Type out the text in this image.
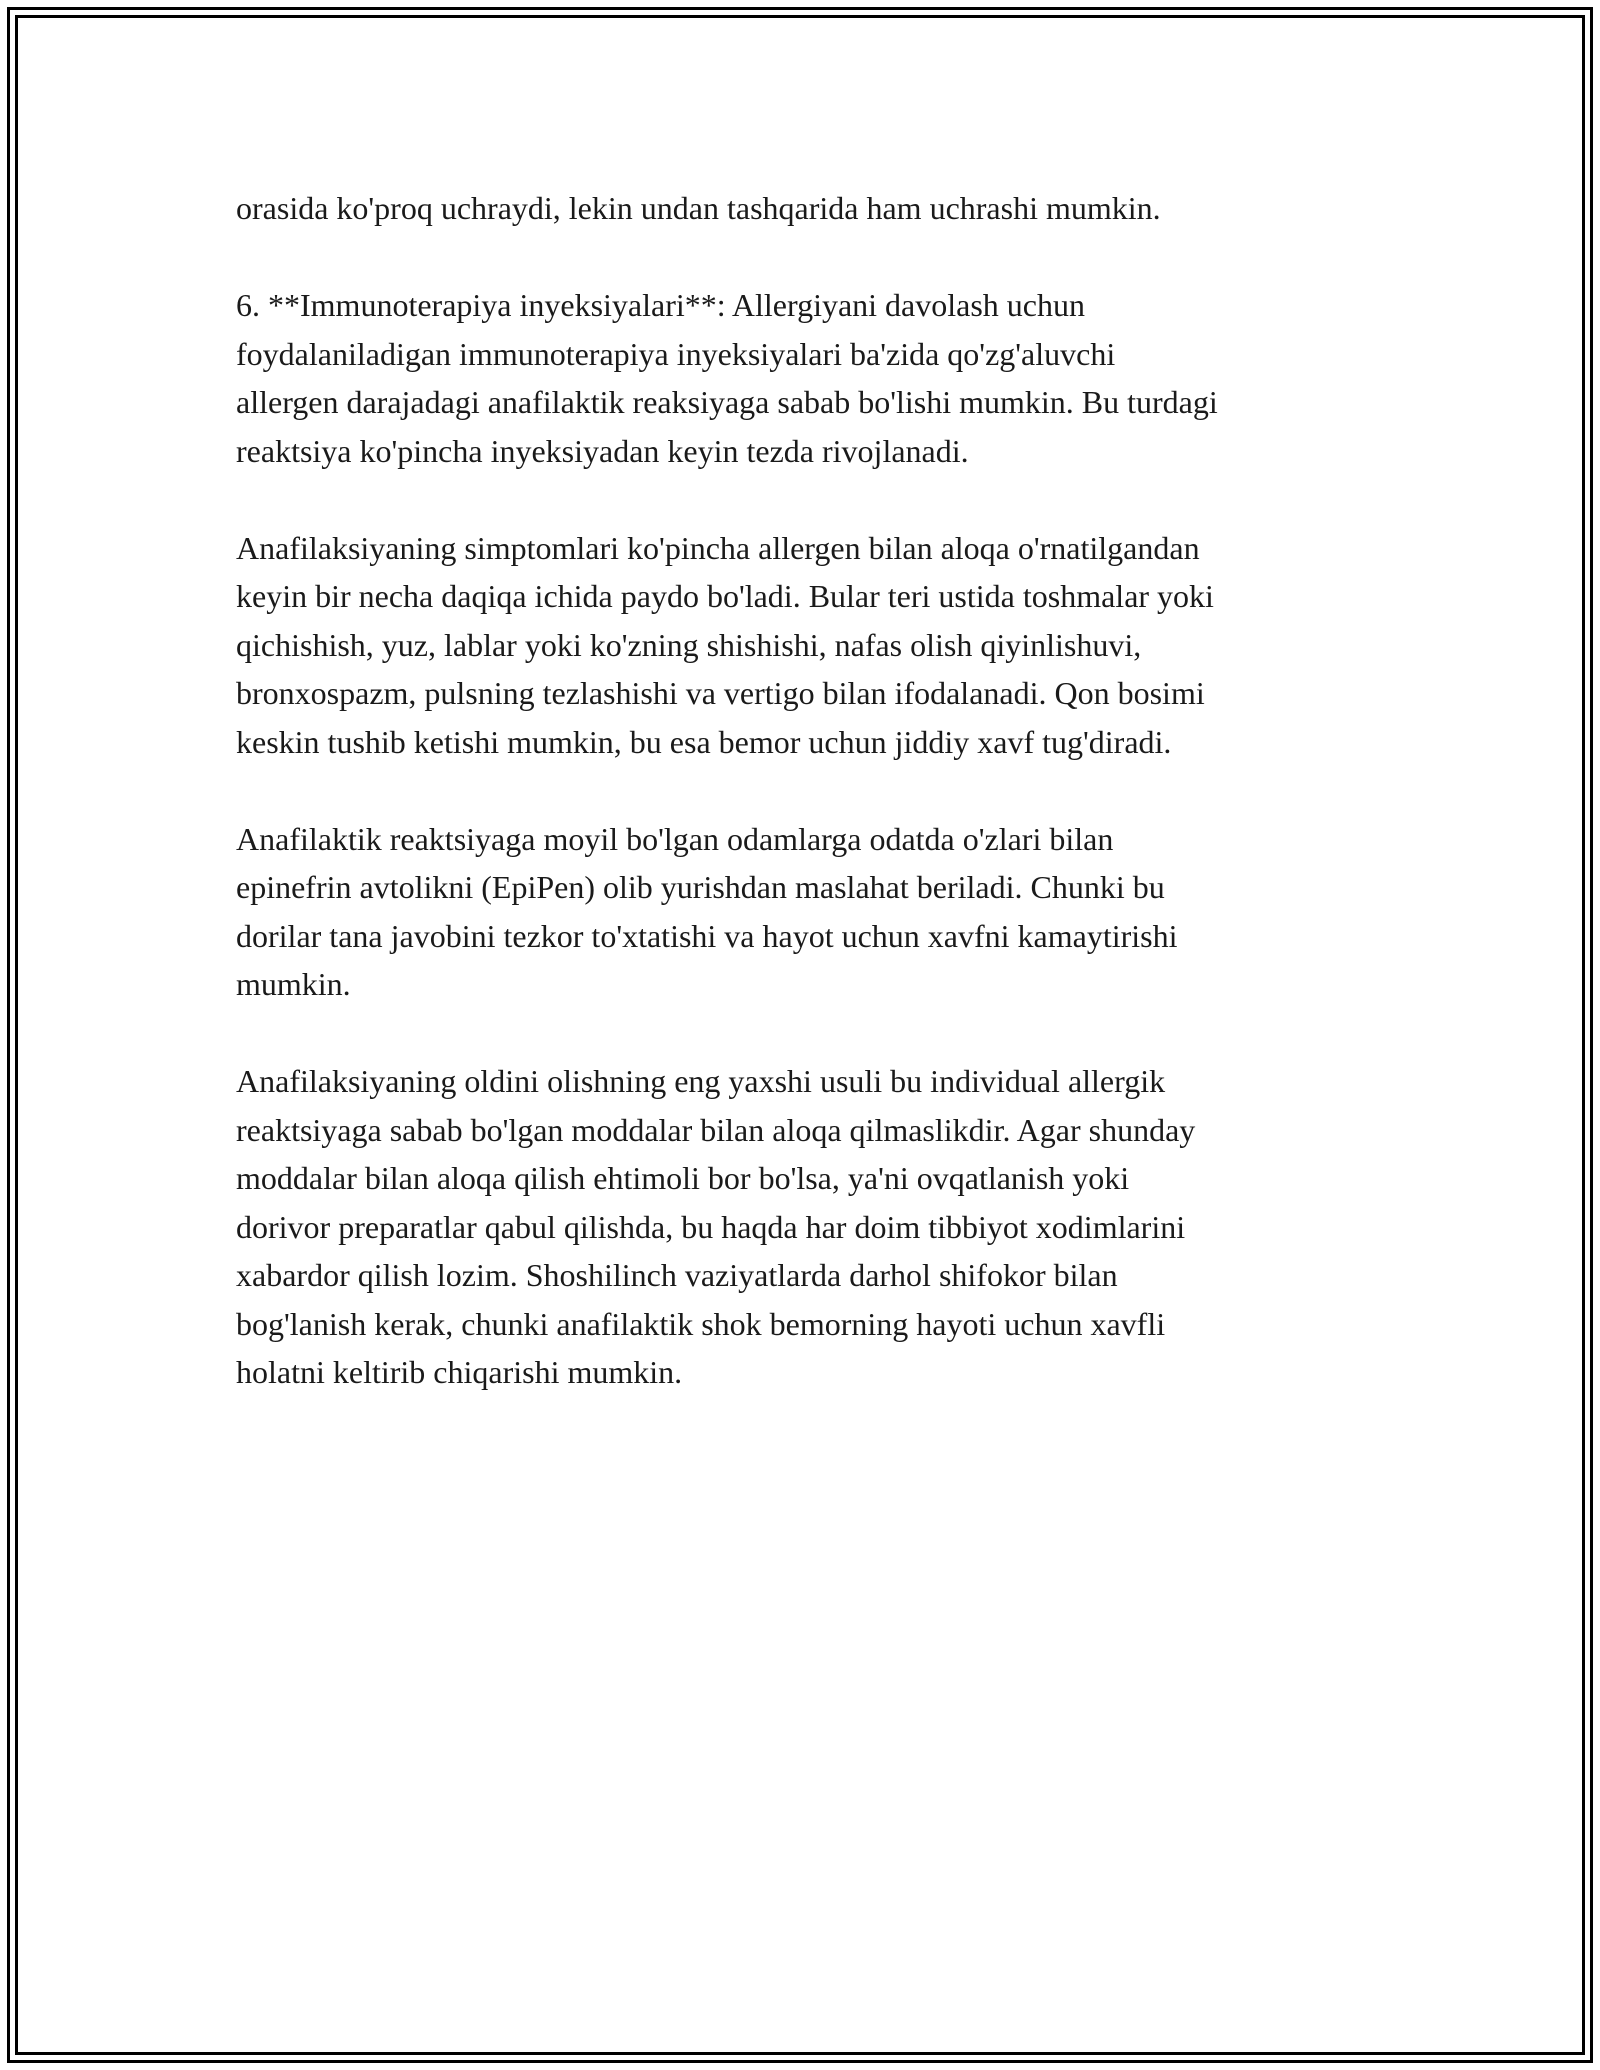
orasida ko'proq uchraydi, lekin undan tashqarida ham uchrashi mumkin.

6. **Immunoterapiya inyeksiyalari**: Allergiyani davolash uchun
foydalaniladigan immunoterapiya inyeksiyalari ba'zida qo'zg'aluvchi
allergen darajadagi anafilaktik reaksiyaga sabab bo'lishi mumkin. Bu turdagi
reaktsiya ko'pincha inyeksiyadan keyin tezda rivojlanadi.

Anafilaksiyaning simptomlari ko'pincha allergen bilan aloqa o'rnatilgandan
keyin bir necha daqiqa ichida paydo bo'ladi. Bular teri ustida toshmalar yoki
qichishish, yuz, lablar yoki ko'zning shishishi, nafas olish qiyinlishuvi,
bronxospazm, pulsning tezlashishi va vertigo bilan ifodalanadi. Qon bosimi
keskin tushib ketishi mumkin, bu esa bemor uchun jiddiy xavf tug'diradi.

Anafilaktik reaktsiyaga moyil bo'lgan odamlarga odatda o'zlari bilan
epinefrin avtolikni (EpiPen) olib yurishdan maslahat beriladi. Chunki bu
dorilar tana javobini tezkor to'xtatishi va hayot uchun xavfni kamaytirishi
mumkin.

Anafilaksiyaning oldini olishning eng yaxshi usuli bu individual allergik
reaktsiyaga sabab bo'lgan moddalar bilan aloqa qilmaslikdir. Agar shunday
moddalar bilan aloqa qilish ehtimoli bor bo'lsa, ya'ni ovqatlanish yoki
dorivor preparatlar qabul qilishda, bu haqda har doim tibbiyot xodimlarini
xabardor qilish lozim. Shoshilinch vaziyatlarda darhol shifokor bilan
bog'lanish kerak, chunki anafilaktik shok bemorning hayoti uchun xavfli
holatni keltirib chiqarishi mumkin.
